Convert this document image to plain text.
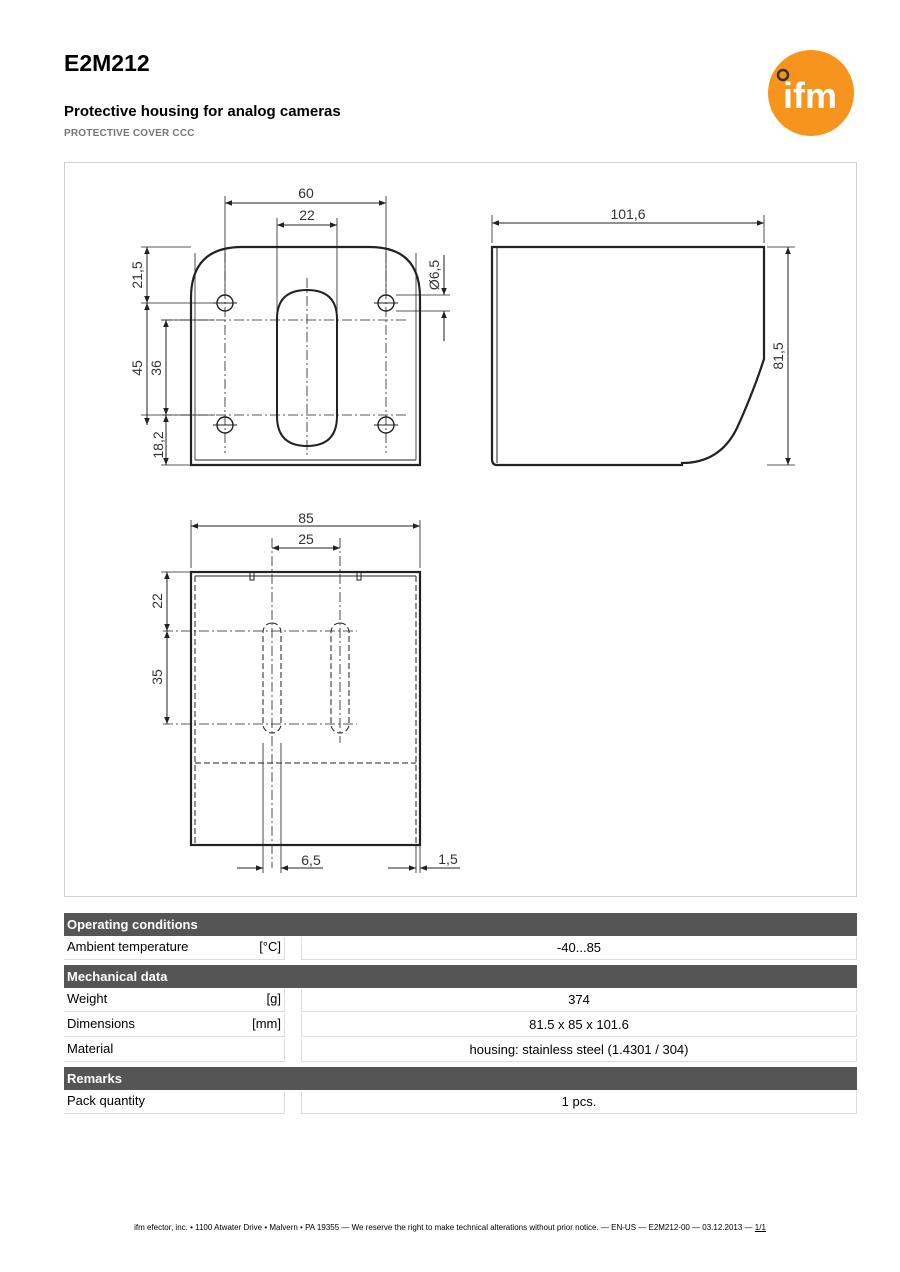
E2M212
Protective housing for analog cameras
PROTECTIVE COVER CCC
ifm
60
22
21,5
45 36
18,2
Ø6,5
101,6
81,5
85
25
22
35
6,5	1,5
Operating conditions
Ambient temperature	[°C]	-40...85
Mechanical data
Weight	[g]	374
Dimensions	[mm]	81.5 x 85 x 101.6
Material	housing: stainless steel (1.4301 / 304)
Remarks
Pack quantity	1 pcs.
ifm efector, inc. • 1100 Atwater Drive • Malvern • PA 19355 — We reserve the right to make technical alterations without prior notice. — EN-US — E2M212-00 — 03.12.2013 — 1/1
